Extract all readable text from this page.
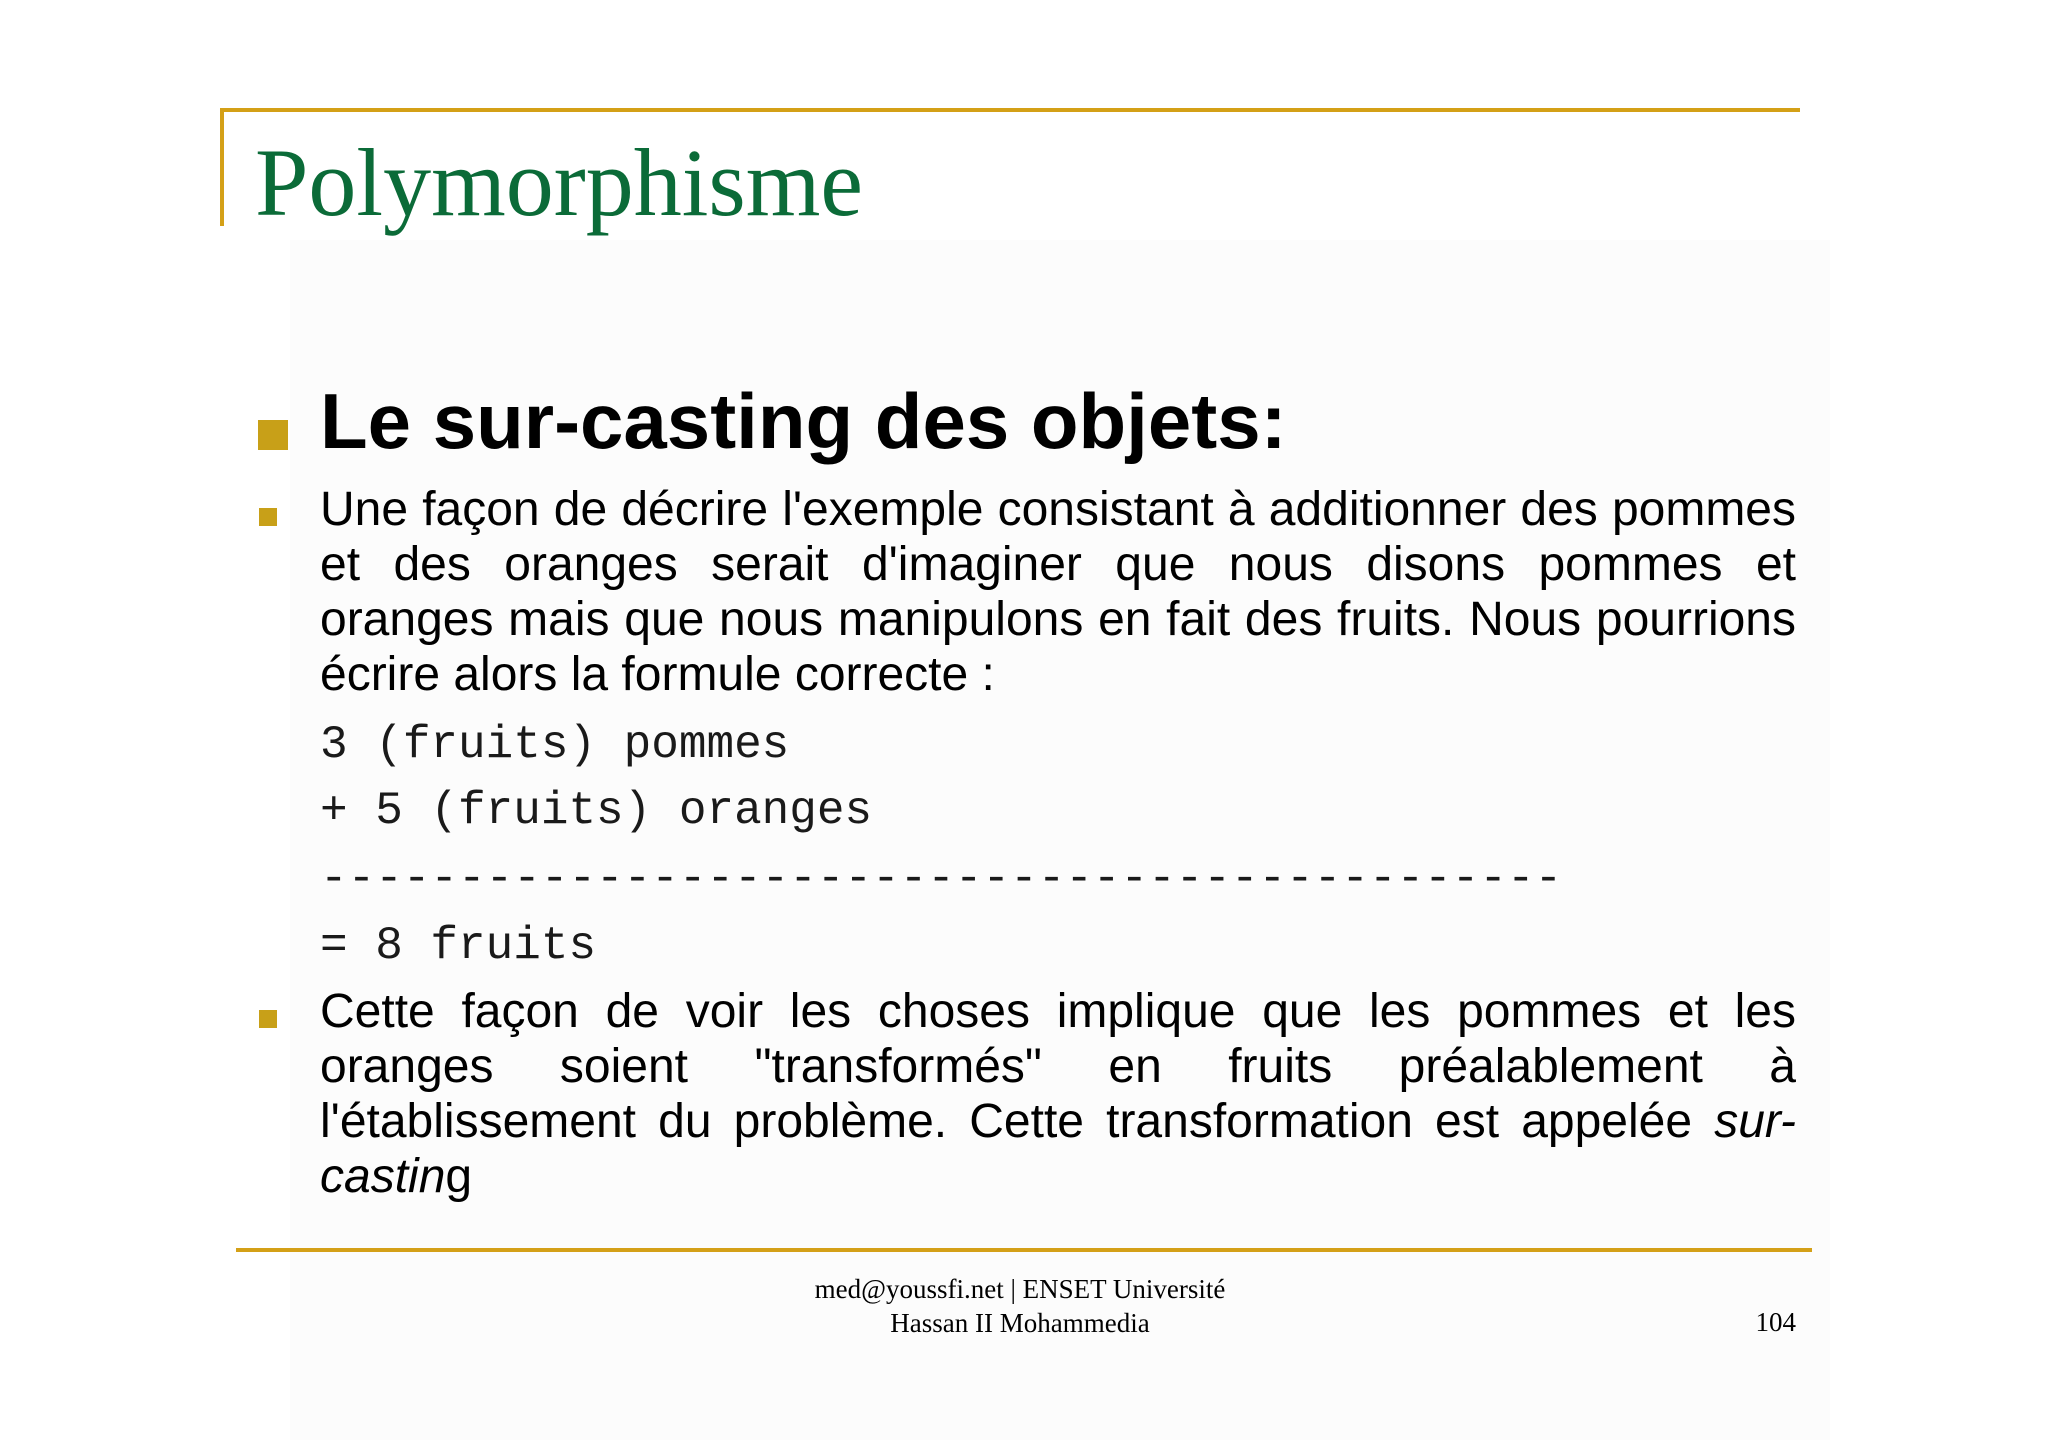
Polymorphisme
Le sur-casting des objets:
Une façon de décrire l'exemple consistant à additionner des pommes et des oranges serait d'imaginer que nous disons pommes et oranges mais que nous manipulons en fait des fruits. Nous pourrions écrire alors la formule correcte :
3 (fruits) pommes
+ 5 (fruits) oranges
---------------------------------------------
= 8 fruits
Cette façon de voir les choses implique que les pommes et les oranges soient "transformés" en fruits préalablement à l'établissement du problème. Cette transformation est appelée sur-casting
med@youssfi.net | ENSET Université
Hassan II Mohammedia	104
